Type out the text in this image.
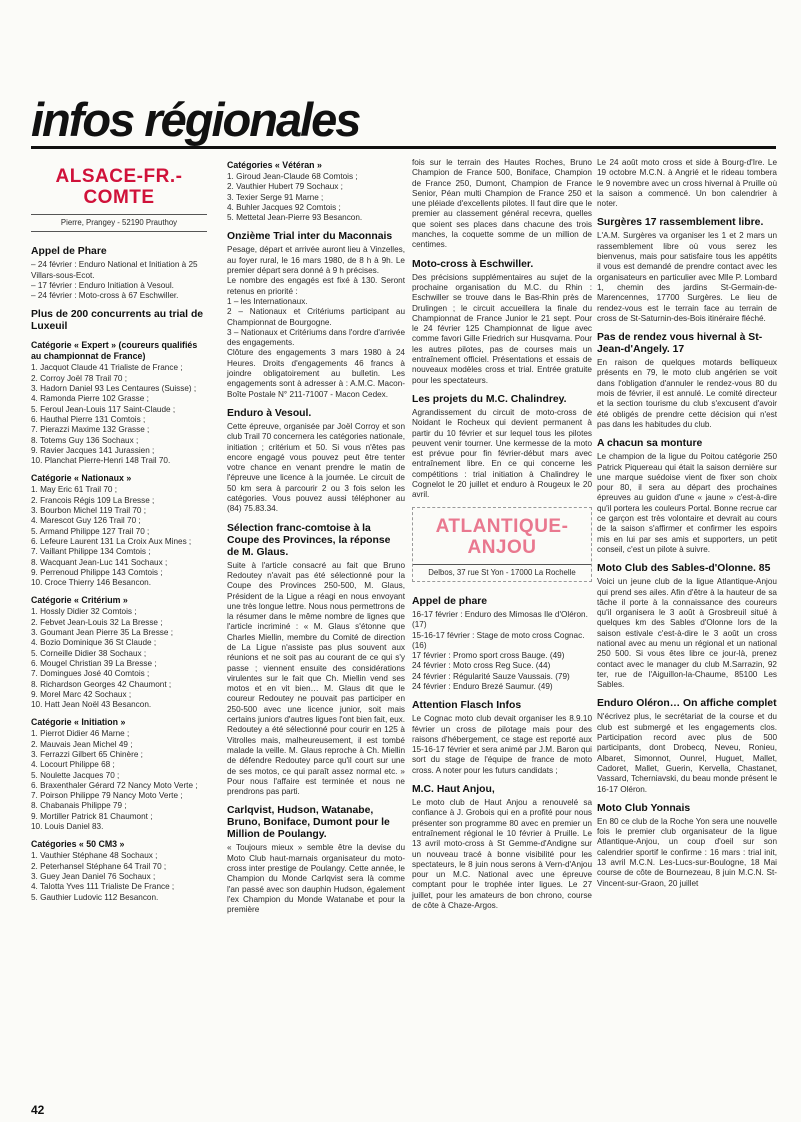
infos régionales
ALSACE-FR.-COMTE
Pierre, Prangey - 52190 Prauthoy
Appel de Phare
– 24 février : Enduro National et Initiation à 25 Villars-sous-Ecot.
– 17 février : Enduro Initiation à Vesoul.
– 24 février : Moto-cross à 67 Eschwiller.
Plus de 200 concurrents au trial de Luxeuil
Catégorie « Expert » (coureurs qualifiés au championnat de France)
1. Jacquot Claude 41 Trialiste de France ;
2. Corroy Joël 78 Trail 70 ;
3. Hadorn Daniel 93 Les Centaures (Suisse) ;
4. Ramonda Pierre 102 Grasse ;
5. Feroul Jean-Louis 117 Saint-Claude ;
6. Hauthal Pierre 131 Comtois ;
7. Pierazzi Maxime 132 Grasse ;
8. Totems Guy 136 Sochaux ;
9. Ravier Jacques 141 Jurassien ;
10. Planchat Pierre-Henri 148 Trail 70.
Catégorie « Nationaux »
1. May Eric 61 Trail 70 ;
2. Francois Régis 109 La Bresse ;
3. Bourbon Michel 119 Trail 70 ;
4. Marescot Guy 126 Trail 70 ;
5. Armand Philippe 127 Trail 70 ;
6. Lefeure Laurent 131 La Croix Aux Mines ;
7. Vaillant Philippe 134 Comtois ;
8. Wacquant Jean-Luc 141 Sochaux ;
9. Perrenoud Philippe 143 Comtois ;
10. Croce Thierry 146 Besancon.
Catégorie « Critérium »
1. Hossly Didier 32 Comtois ;
2. Febvet Jean-Louis 32 La Bresse ;
3. Goumant Jean Pierre 35 La Bresse ;
4. Bozio Dominique 36 St Claude ;
5. Corneille Didier 38 Sochaux ;
6. Mougel Christian 39 La Bresse ;
7. Domingues José 40 Comtois ;
8. Richardson Georges 42 Chaumont ;
9. Morel Marc 42 Sochaux ;
10. Hatt Jean Noël 43 Besancon.
Catégorie « Initiation »
1. Pierrot Didier 46 Marne ;
2. Mauvais Jean Michel 49 ;
3. Ferrazzi Gilbert 65 Chinère ;
4. Locourt Philippe 68 ;
5. Noulette Jacques 70 ;
6. Braxenthaler Gérard 72 Nancy Moto Verte ;
7. Poirson Philippe 79 Nancy Moto Verte ;
8. Chabanais Philippe 79 ;
9. Mortiller Patrick 81 Chaumont ;
10. Louis Daniel 83.
Catégories « 50 CM3 »
1. Vauthier Stéphane 48 Sochaux ;
2. Peterhansel Stéphane 64 Trail 70 ;
3. Guey Jean Daniel 76 Sochaux ;
4. Talotta Yves 111 Trialiste De France ;
5. Gauthier Ludovic 112 Besancon.
Catégories « Vétéran »
1. Giroud Jean-Claude 68 Comtois ;
2. Vauthier Hubert 79 Sochaux ;
3. Texier Serge 91 Marne ;
4. Buhler Jacques 92 Comtois ;
5. Mettetal Jean-Pierre 93 Besancon.
Onzième Trial inter du Maconnais

Pesage, départ et arrivée auront lieu à Vinzelles, au foyer rural, le 16 mars 1980, de 8 h à 9h. Le premier départ sera donné à 9 h précises.

Le nombre des engagés est fixé à 130. Seront retenus en priorité :

1 – les Internationaux.

2 – Nationaux et Critériums participant au Championnat de Bourgogne.

3 – Nationaux et Critériums dans l'ordre d'arrivée des engagements.

Clôture des engagements 3 mars 1980 à 24 Heures. Droits d'engagements 46 francs à joindre obligatoirement au bulletin. Les engagements sont à adresser à : A.M.C. Macon- Boîte Postale N° 211-71007 - Macon Cedex.

Enduro à Vesoul.

Cette épreuve, organisée par Joël Corroy et son club Trail 70 concernera les catégories nationale, initiation ; critérium et 50. Si vous n'êtes pas encore engagé vous pouvez peut être tenter votre chance en venant prendre le matin de l'épreuve une licence à la journée. Le circuit de 50 km sera à parcourir 2 ou 3 fois selon les catégories. Vous pouvez aussi téléphoner au (84) 75.83.34.

Sélection franc-comtoise à la Coupe des Provinces, la réponse de M. Glaus.

Suite à l'article consacré au fait que Bruno Redoutey n'avait pas été sélectionné pour la Coupe des Provinces 250-500, M. Glaus, Président de la Ligue a réagi en nous envoyant une très longue lettre. Nous nous permettrons de la résumer dans le même nombre de lignes que l'article incriminé : « M. Glaus s'étonne que Charles Miellin, membre du Comité de direction de La Ligue n'assiste pas plus souvent aux réunions et ne soit pas au courant de ce qui s'y passe ; viennent ensuite des considérations virulentes sur le fait que Ch. Miellin vend ses motos et en vit bien… M. Glaus dit que le coureur Redoutey ne pouvait pas participer en 250-500 avec une licence junior, soit mais certains juniors d'autres ligues l'ont bien fait, eux. Redoutey a été sélectionné pour courir en 125 à Vitrolles mais, malheureusement, il est tombé malade la veille. M. Glaus reproche à Ch. Miellin de défendre Redoutey parce qu'il court sur une de ses motos, ce qui paraît assez normal etc. » Pour nous l'affaire est terminée et nous ne prendrons pas parti.

Carlqvist, Hudson, Watanabe, Bruno, Boniface, Dumont pour le Million de Poulangy.

« Toujours mieux » semble être la devise du Moto Club haut-marnais organisateur du moto-cross inter prestige de Poulangy. Cette année, le Champion du Monde Carlqvist sera là comme l'an passé avec son dauphin Hudson, également l'ex Champion du Monde Watanabe et pour la première

fois sur le terrain des Hautes Roches, Bruno Champion de France 500, Boniface, Champion de France 250, Dumont, Champion de France Senior, Péan multi Champion de France 250 et une pléiade d'excellents pilotes. Il faut dire que le premier au classement général recevra, quelles que soient ses places dans chacune des trois manches, la coquette somme de un million de centimes.

Moto-cross à Eschwiller.

Des précisions supplémentaires au sujet de la prochaine organisation du M.C. du Rhin : Eschwiller se trouve dans le Bas-Rhin près de Drulingen ; le circuit accueillera la finale du Championnat de France Junior le 21 sept. Pour le 24 février 125 Championnat de ligue avec comme favori Gille Friedrich sur Husqvarna. Pour les autres pilotes, pas de courses mais un entraînement officiel. Présentations et essais de nouveaux modèles cross et trial. Entrée gratuite pour les spectateurs.

Les projets du M.C. Chalindrey.

Agrandissement du circuit de moto-cross de Noidant le Rocheux qui devient permanent à partir du 10 février et sur lequel tous les pilotes peuvent venir tourner. Une kermesse de la moto est prévue pour fin février-début mars avec entraînement libre. En ce qui concerne les compétitions : trial initiation à Chalindrey le Cognelot le 20 juillet et enduro à Rougeux le 20 avril.

ATLANTIQUE-ANJOU
Delbos, 37 rue St Yon - 17000 La Rochelle
Appel de phare
16-17 février : Enduro des Mimosas Ile d'Oléron. (17)
15-16-17 février : Stage de moto cross Cognac. (16)
17 février : Promo sport cross Bauge. (49)
24 février : Moto cross Reg Suce. (44)
24 février : Régularité Sauze Vaussais. (79)
24 février : Enduro Brezé Saumur. (49)
Attention Flasch Infos

Le Cognac moto club devait organiser les 8.9.10 février un cross de pilotage mais pour des raisons d'hébergement, ce stage est reporté aux 15-16-17 février et sera animé par J.M. Baron qui sort du stage de l'équipe de france de moto cross. A noter pour les futurs candidats ;

M.C. Haut Anjou,

Le moto club de Haut Anjou a renouvelé sa confiance à J. Grobois qui en a profité pour nous présenter son programme 80 avec en premier un entraînement régional le 10 février à Pruille. Le 13 avril moto-cross à St Gemme-d'Andigne sur un nouveau tracé à bonne visibilité pour les spectateurs, le 8 juin nous serons à Vern-d'Anjou pour un M.C. National avec une épreuve comptant pour le trophée inter ligues. Le 27 juillet, pour les amateurs de bon chrono, course de côte à Chaze-Argos.

Le 24 août moto cross et side à Bourg-d'Ire. Le 19 octobre M.C.N. à Angrié et le rideau tombera le 9 novembre avec un cross hivernal à Pruille où la saison a commencé. Un bon calendrier à noter.

Surgères 17 rassemblement libre.

L'A.M. Surgères va organiser les 1 et 2 mars un rassemblement libre où vous serez les bienvenus, mais pour satisfaire tous les appétits il vous est demandé de prendre contact avec les organisateurs en particulier avec Mlle P. Lombard 1, chemin des jardins St-Germain-de-Marencennes, 17700 Surgères. Le lieu de rendez-vous est le terrain face au terrain de cross de St-Saturnin-des-Bois itinéraire fléché.

Pas de rendez vous hivernal à St-Jean-d'Angely. 17

En raison de quelques motards belliqueux présents en 79, le moto club angérien se voit dans l'obligation d'annuler le rendez-vous 80 du mois de février, il est annulé. Le comité directeur et la section tourisme du club s'excusent d'avoir été obligés de prendre cette décision qui n'est pas dans les habitudes du club.

A chacun sa monture

Le champion de la ligue du Poitou catégorie 250 Patrick Piquereau qui était la saison dernière sur une marque suédoise vient de fixer son choix pour 80, il sera au départ des prochaines épreuves au guidon d'une « jaune » c'est-à-dire qu'il portera les couleurs Portal. Bonne recrue car ce garçon est très volontaire et devrait au cours de la saison s'affirmer et confirmer les espoirs mis en lui par ses amis et supporters, un petit conseil, c'est un pilote à suivre.

Moto Club des Sables-d'Olonne. 85

Voici un jeune club de la ligue Atlantique-Anjou qui prend ses ailes. Afin d'être à la hauteur de sa tâche il porte à la connaissance des coureurs qu'il organisera le 3 août à Grosbreuil situé à quelques km des Sables d'Olonne lors de la saison estivale c'est-à-dire le 3 août un cross national avec au menu un régional et un national 250 500. Si vous êtes libre ce jour-là, prenez contact avec le manager du club M.Sarrazin, 92 ter, rue de l'Aiguillon-la-Chaume, 85100 Les Sables.

Enduro Oléron… On affiche complet

N'écrivez plus, le secrétariat de la course et du club est submergé et les engagements clos. Participation record avec plus de 500 participants, dont Drobecq, Neveu, Ronieu, Albaret, Simonnot, Ounrel, Huguet, Mallet, Cadoret, Mallet, Guerin, Kervella, Chastanet, Vassard, Tcherniavski, du beau monde présent le 16-17 Oléron.

Moto Club Yonnais

En 80 ce club de la Roche Yon sera une nouvelle fois le premier club organisateur de la ligue Atlantique-Anjou, un coup d'oeil sur son calendrier sportif le confirme : 16 mars : trial init, 13 avril M.C.N. Les-Lucs-sur-Boulogne, 18 Mai course de côte de Bournezeau, 8 juin M.C.N. St-Vincent-sur-Graon, 20 juillet

42
